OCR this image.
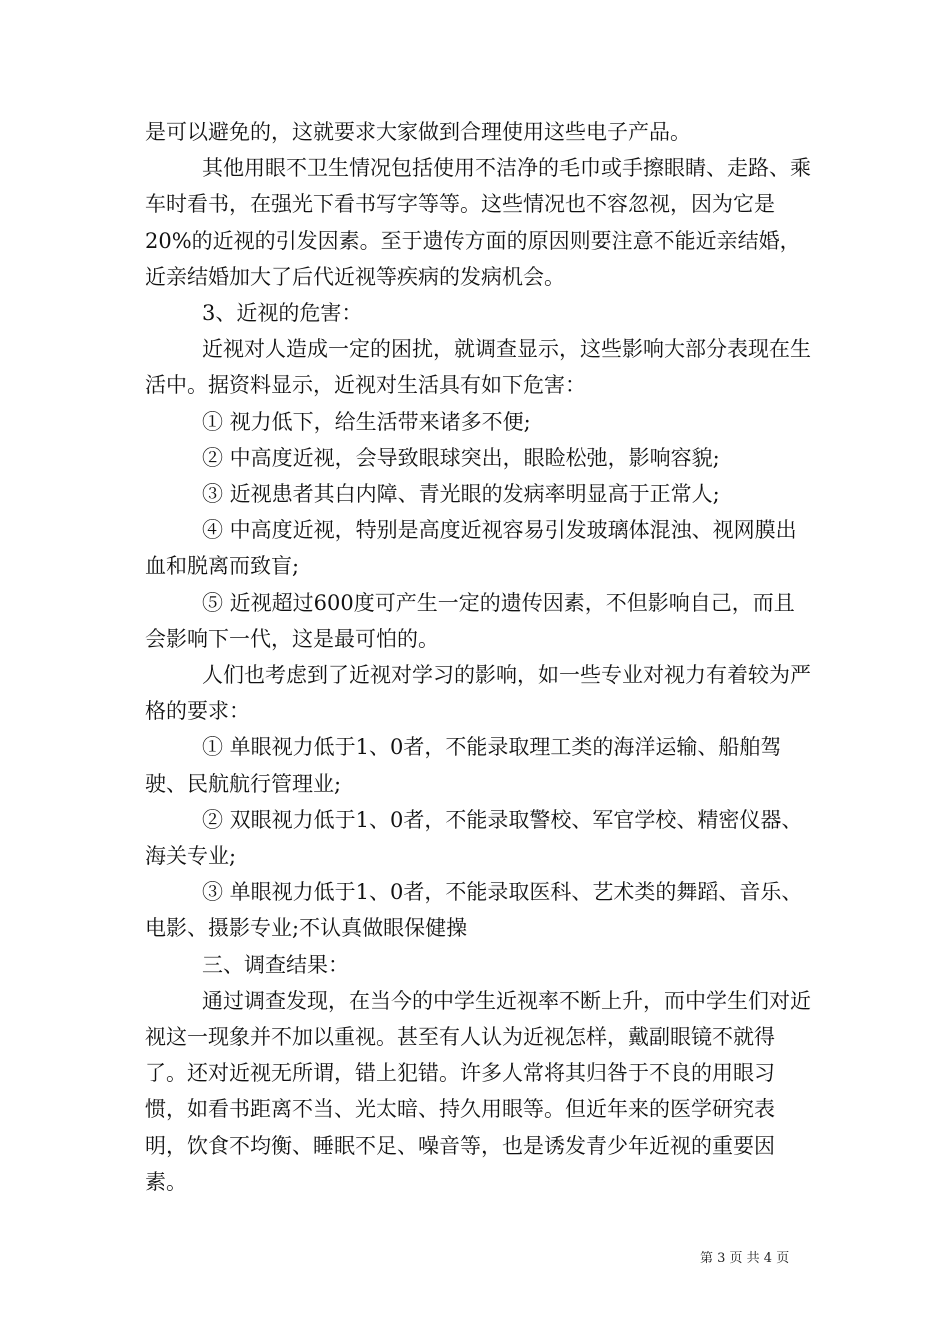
是可以避免的，这就要求大家做到合理使用这些电子产品。

其他用眼不卫生情况包括使用不洁净的毛巾或手擦眼睛、走路、乘车时看书，在强光下看书写字等等。这些情况也不容忽视，因为它是20%的近视的引发因素。至于遗传方面的原因则要注意不能近亲结婚，近亲结婚加大了后代近视等疾病的发病机会。

3、近视的危害：

近视对人造成一定的困扰，就调查显示，这些影响大部分表现在生活中。据资料显示，近视对生活具有如下危害：

① 视力低下，给生活带来诸多不便;

② 中高度近视，会导致眼球突出，眼睑松弛，影响容貌;

③ 近视患者其白内障、青光眼的发病率明显高于正常人;

④ 中高度近视，特别是高度近视容易引发玻璃体混浊、视网膜出血和脱离而致盲;

⑤ 近视超过600度可产生一定的遗传因素，不但影响自己，而且会影响下一代，这是最可怕的。

人们也考虑到了近视对学习的影响，如一些专业对视力有着较为严格的要求：

① 单眼视力低于1、0者，不能录取理工类的海洋运输、船舶驾驶、民航航行管理业;

② 双眼视力低于1、0者，不能录取警校、军官学校、精密仪器、海关专业;

③ 单眼视力低于1、0者，不能录取医科、艺术类的舞蹈、音乐、电影、摄影专业;不认真做眼保健操

三、调查结果：

通过调查发现，在当今的中学生近视率不断上升，而中学生们对近视这一现象并不加以重视。甚至有人认为近视怎样，戴副眼镜不就得了。还对近视无所谓，错上犯错。许多人常将其归咎于不良的用眼习惯，如看书距离不当、光太暗、持久用眼等。但近年来的医学研究表明，饮食不均衡、睡眠不足、噪音等，也是诱发青少年近视的重要因素。

第 3 页 共 4 页
